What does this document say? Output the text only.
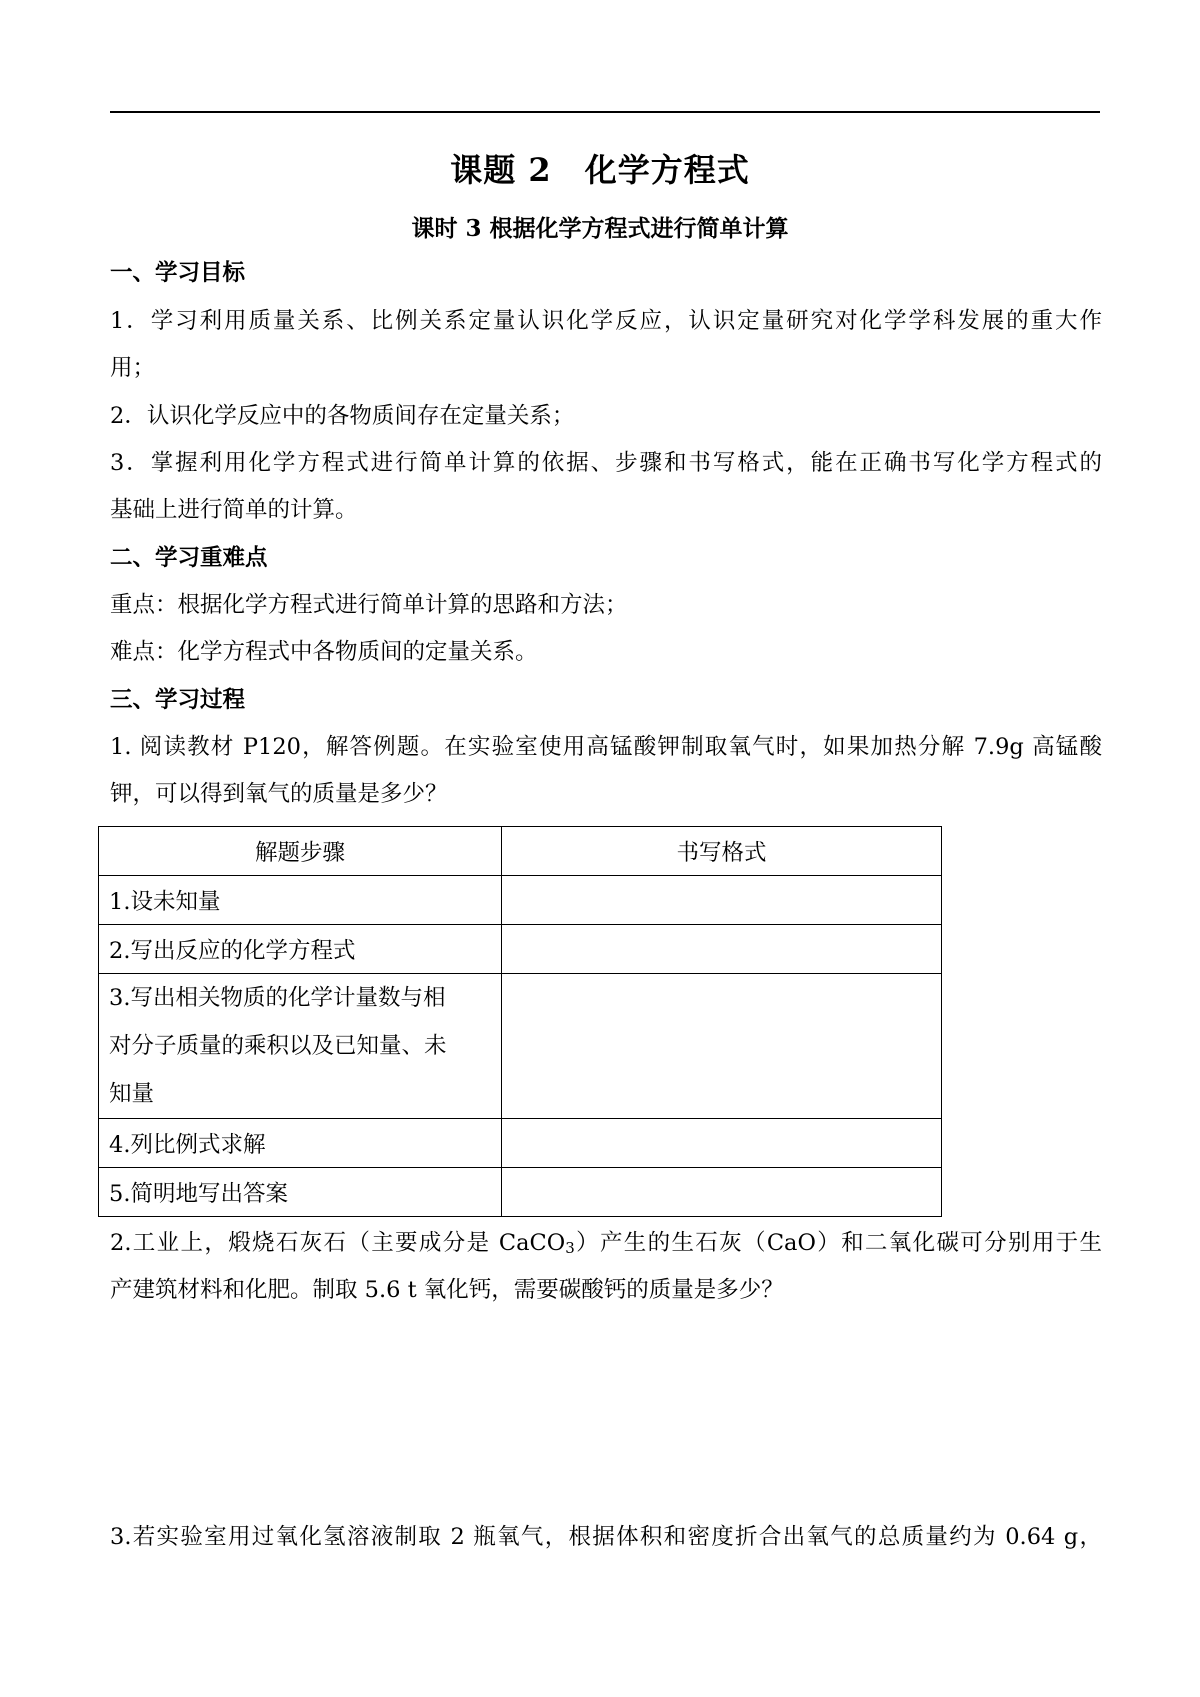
课题 2　化学方程式
课时 3 根据化学方程式进行简单计算
一、学习目标
1．学习利用质量关系、比例关系定量认识化学反应，认识定量研究对化学学科发展的重大作
用；
2．认识化学反应中的各物质间存在定量关系；
3．掌握利用化学方程式进行简单计算的依据、步骤和书写格式，能在正确书写化学方程式的
基础上进行简单的计算。
二、学习重难点
重点：根据化学方程式进行简单计算的思路和方法；
难点：化学方程式中各物质间的定量关系。
三、学习过程
1. 阅读教材 P120，解答例题。在实验室使用高锰酸钾制取氧气时，如果加热分解 7.9g 高锰酸
钾，可以得到氧气的质量是多少？
解题步骤	书写格式
1.设未知量	
2.写出反应的化学方程式	

3.写出相关物质的化学计量数与相
对分子质量的乘积以及已知量、未
知量	

4.列比例式求解	
5.简明地写出答案	
2.工业上，煅烧石灰石（主要成分是 CaCO$_3$）产生的生石灰（CaO）和二氧化碳可分别用于生
产建筑材料和化肥。制取 5.6 t 氧化钙，需要碳酸钙的质量是多少？
3.若实验室用过氧化氢溶液制取 2 瓶氧气，根据体积和密度折合出氧气的总质量约为 0.64 g，
